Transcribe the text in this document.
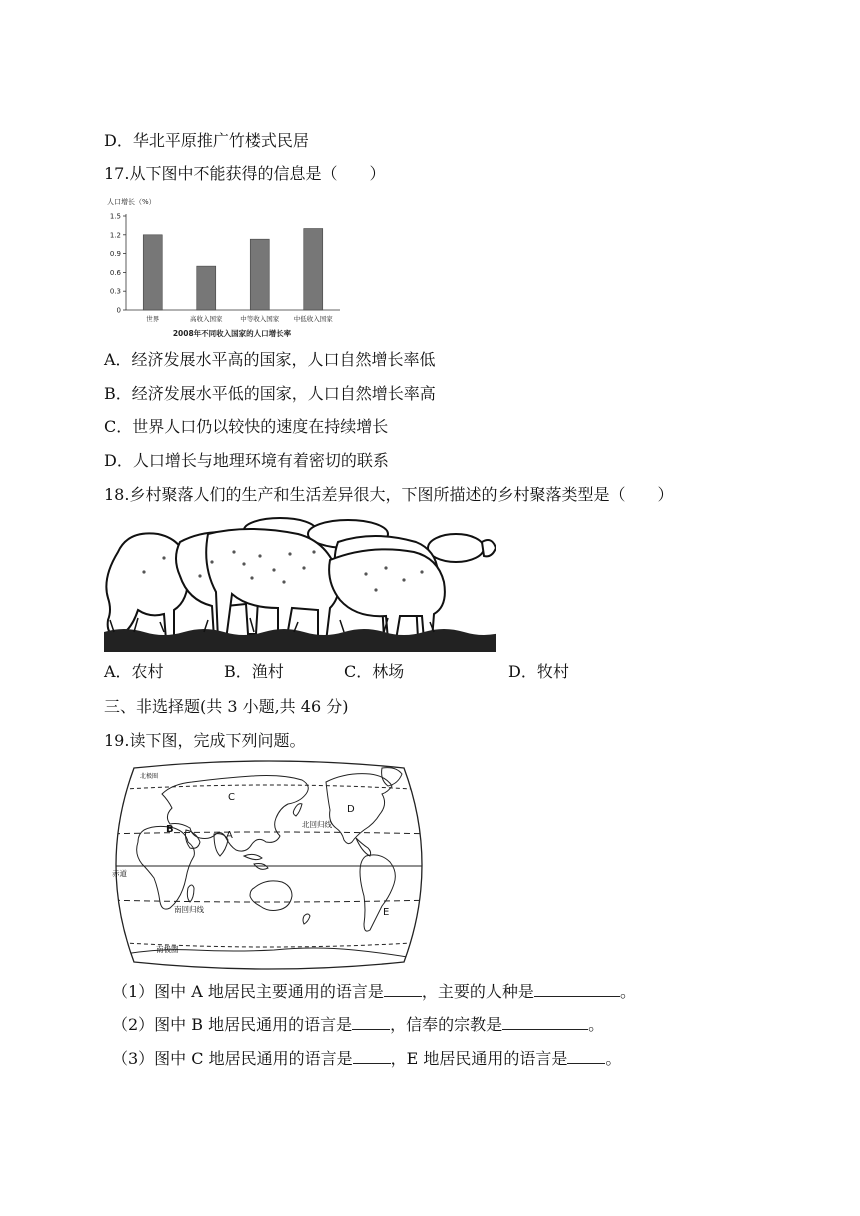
D．华北平原推广竹楼式民居
17.从下图中不能获得的信息是（　　）
人口增长（%）
0
0.3
0.6
0.9
1.2
1.5
世界	高收入国家	中等收入国家 中低收入国家
2008年不同收入国家的人口增长率
A．经济发展水平高的国家，人口自然增长率低
B．经济发展水平低的国家，人口自然增长率高
C．世界人口仍以较快的速度在持续增长
D．人口增长与地理环境有着密切的联系
18.乡村聚落人们的生产和生活差异很大，下图所描述的乡村聚落类型是（　　）
A．农村	B．渔村	C．林场	D．牧村
三、非选择题(共 3 小题,共 46 分)
19.读下图，完成下列问题。
A
B
C
D
E
北回归线
赤道
南回归线
南极圈
北极圈
（1）图中 A 地居民主要通用的语言是 ，主要的人种是	。
（2）图中 B 地居民通用的语言是 ，信奉的宗教是	。
（3）图中 C 地居民通用的语言是 ，E 地居民通用的语言是 。
